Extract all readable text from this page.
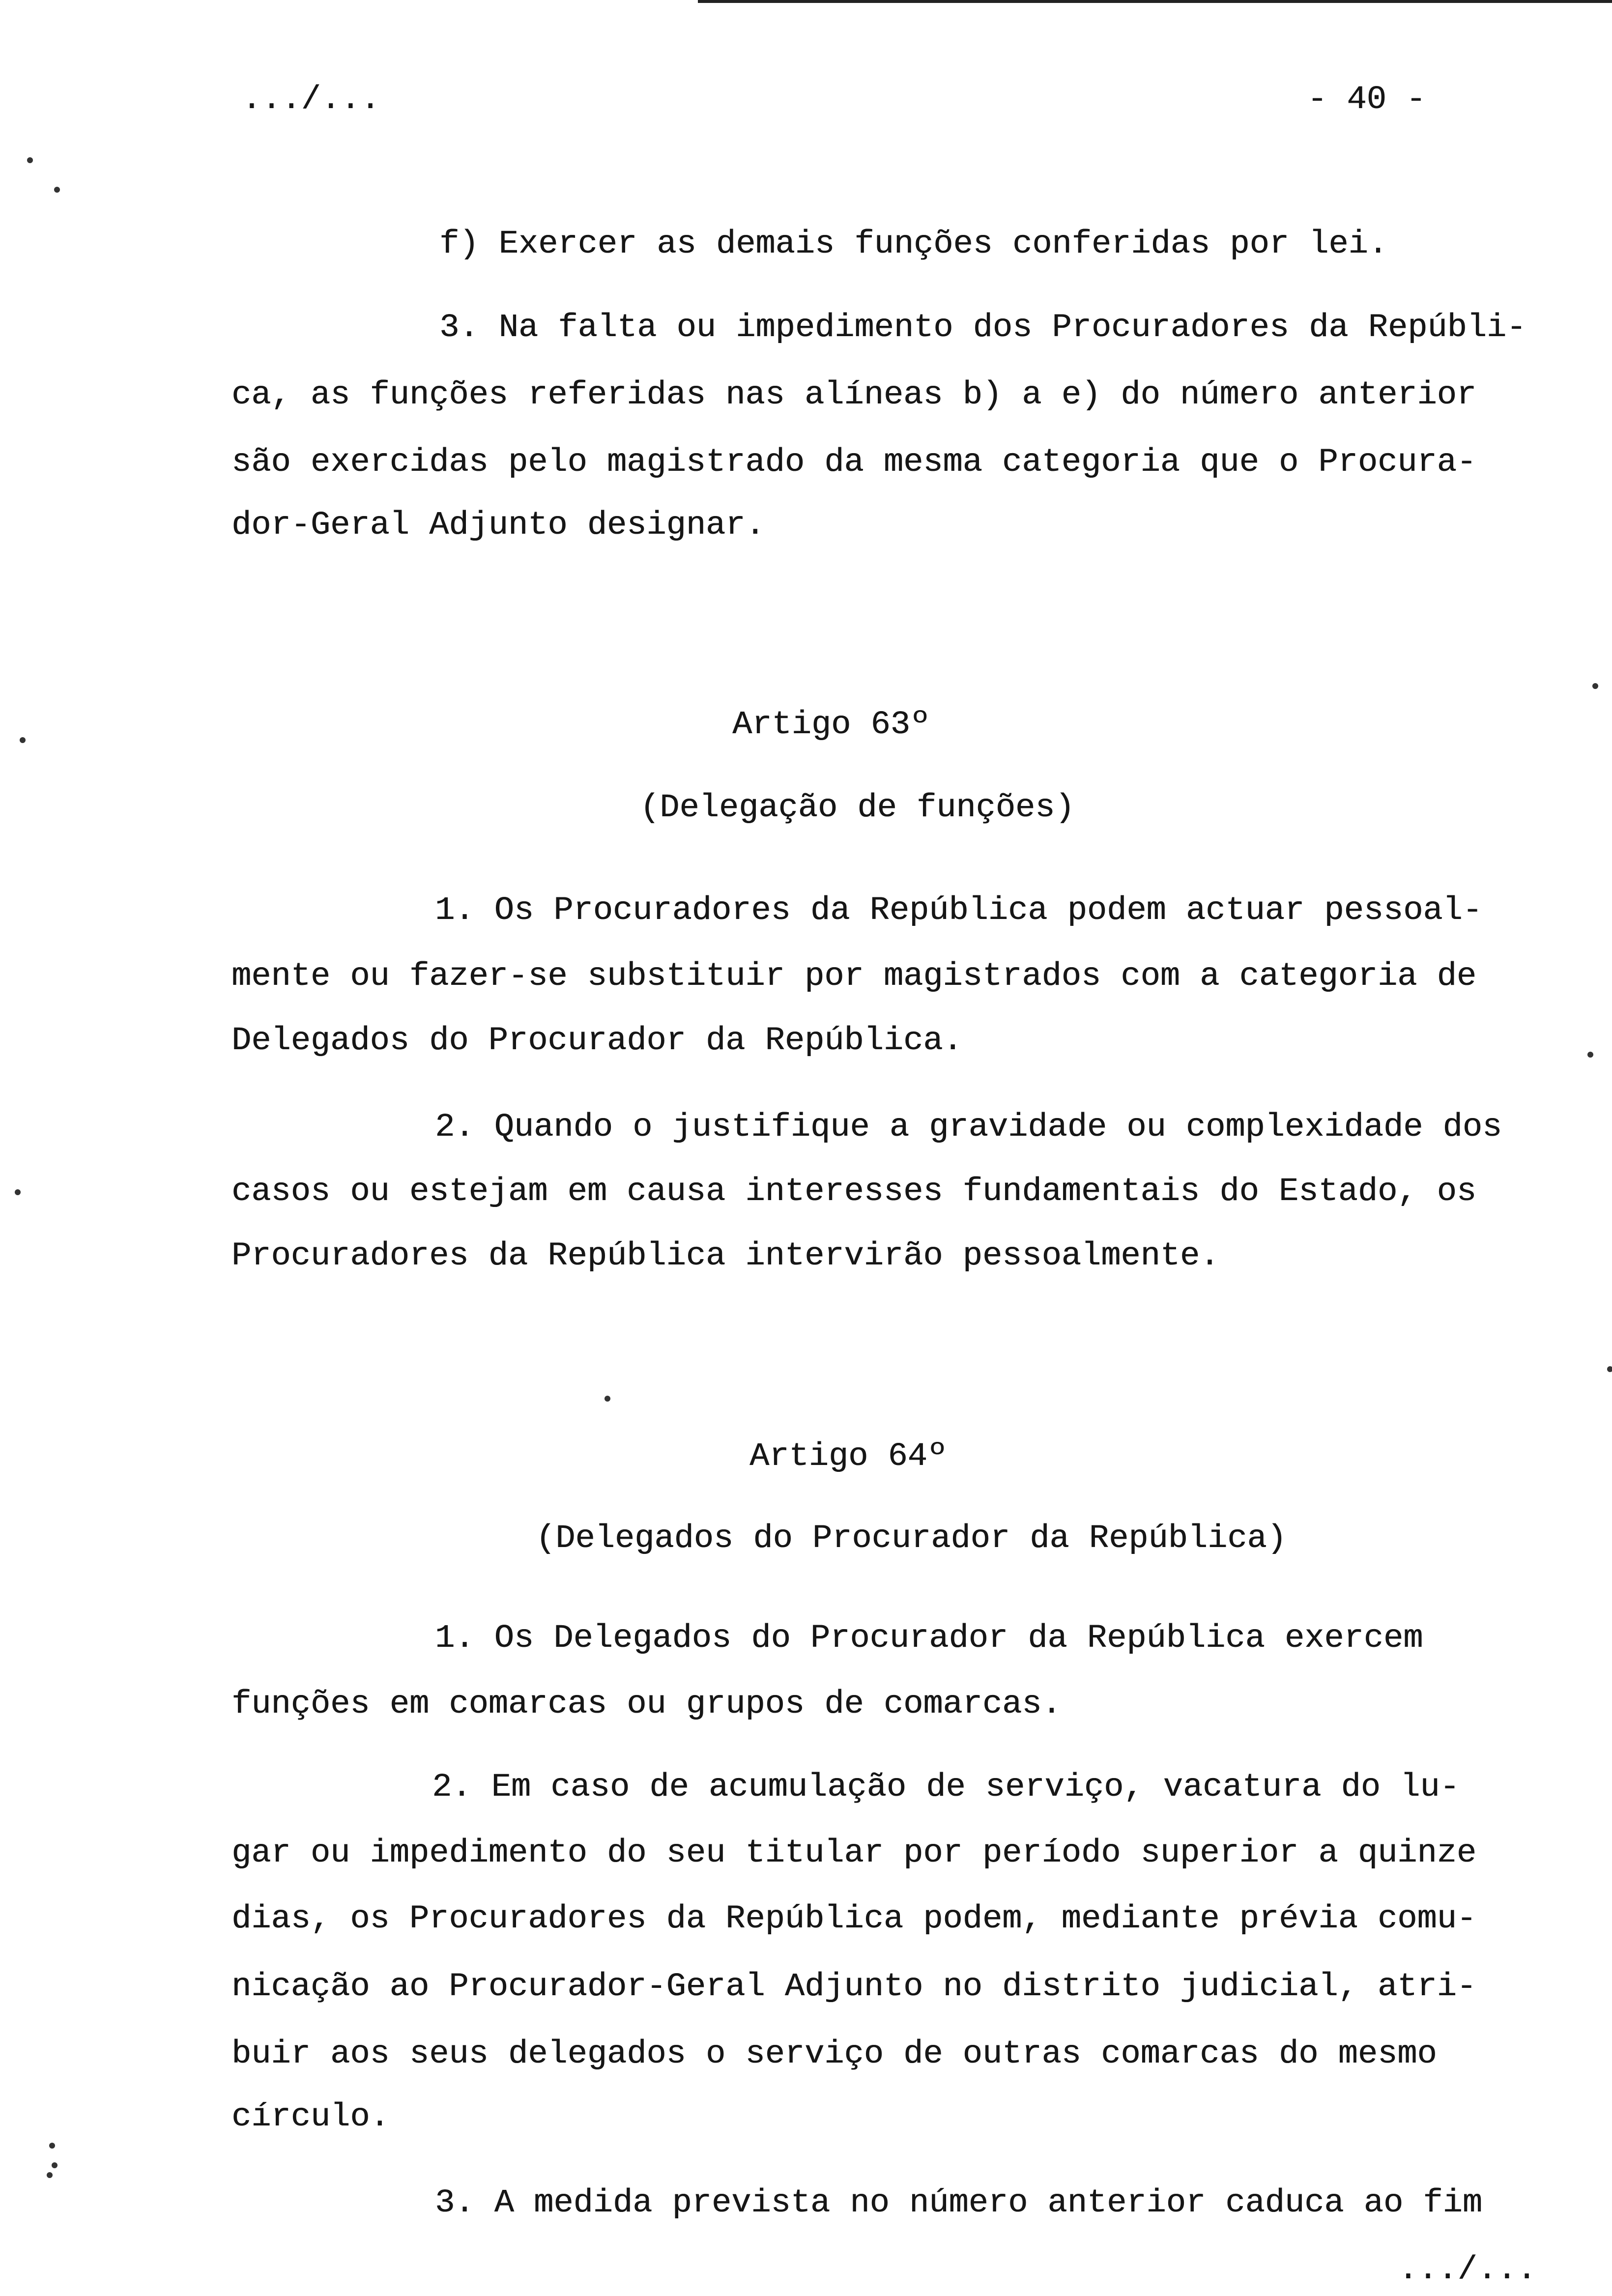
.../...	- 40 -
f) Exercer as demais funções conferidas por lei.
3. Na falta ou impedimento dos Procuradores da Repúbli-
ca, as funções referidas nas alíneas b) a e) do número anterior
são exercidas pelo magistrado da mesma categoria que o Procura-
dor-Geral Adjunto designar.
Artigo 63º
(Delegação de funções)
1. Os Procuradores da República podem actuar pessoal-
mente ou fazer-se substituir por magistrados com a categoria de
Delegados do Procurador da República.
2. Quando o justifique a gravidade ou complexidade dos
casos ou estejam em causa interesses fundamentais do Estado, os
Procuradores da República intervirão pessoalmente.
Artigo 64º
(Delegados do Procurador da República)
1. Os Delegados do Procurador da República exercem
funções em comarcas ou grupos de comarcas.
2. Em caso de acumulação de serviço, vacatura do lu-
gar ou impedimento do seu titular por período superior a quinze
dias, os Procuradores da República podem, mediante prévia comu-
nicação ao Procurador-Geral Adjunto no distrito judicial, atri-
buir aos seus delegados o serviço de outras comarcas do mesmo
círculo.
3. A medida prevista no número anterior caduca ao fim
.../...
